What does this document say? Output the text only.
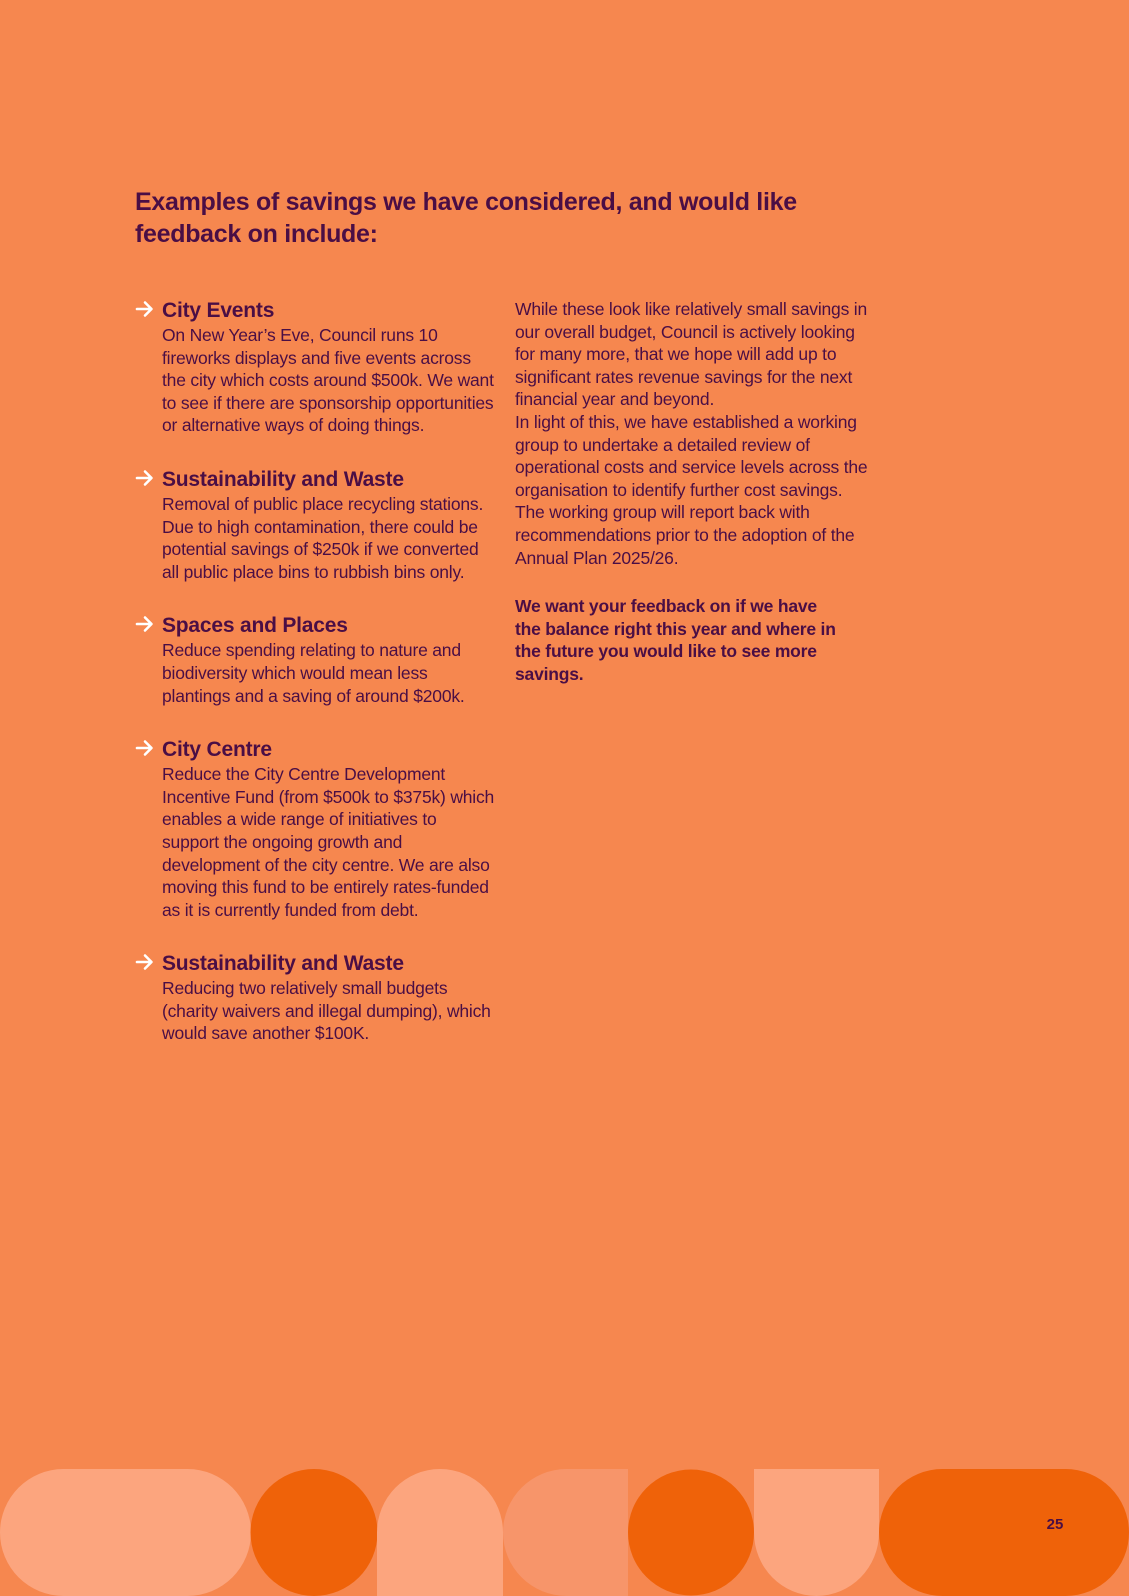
Examples of savings we have considered, and would like feedback on include:
City Events

On New Year’s Eve, Council runs 10 fireworks displays and five events across the city which costs around $500k. We want to see if there are sponsorship opportunities or alternative ways of doing things.

Sustainability and Waste

Removal of public place recycling stations. Due to high contamination, there could be potential savings of $250k if we converted all public place bins to rubbish bins only.

Spaces and Places

Reduce spending relating to nature and biodiversity which would mean less plantings and a saving of around $200k.

City Centre

Reduce the City Centre Development Incentive Fund (from $500k to $375k) which enables a wide range of initiatives to support the ongoing growth and development of the city centre. We are also moving this fund to be entirely rates-funded as it is currently funded from debt.

Sustainability and Waste

Reducing two relatively small budgets (charity waivers and illegal dumping), which would save another $100K.

While these look like relatively small savings in our overall budget, Council is actively looking for many more, that we hope will add up to significant rates revenue savings for the next financial year and beyond.

In light of this, we have established a working group to undertake a detailed review of operational costs and service levels across the organisation to identify further cost savings. The working group will report back with recommendations prior to the adoption of the Annual Plan 2025/26.

We want your feedback on if we have the balance right this year and where in the future you would like to see more savings.

25
